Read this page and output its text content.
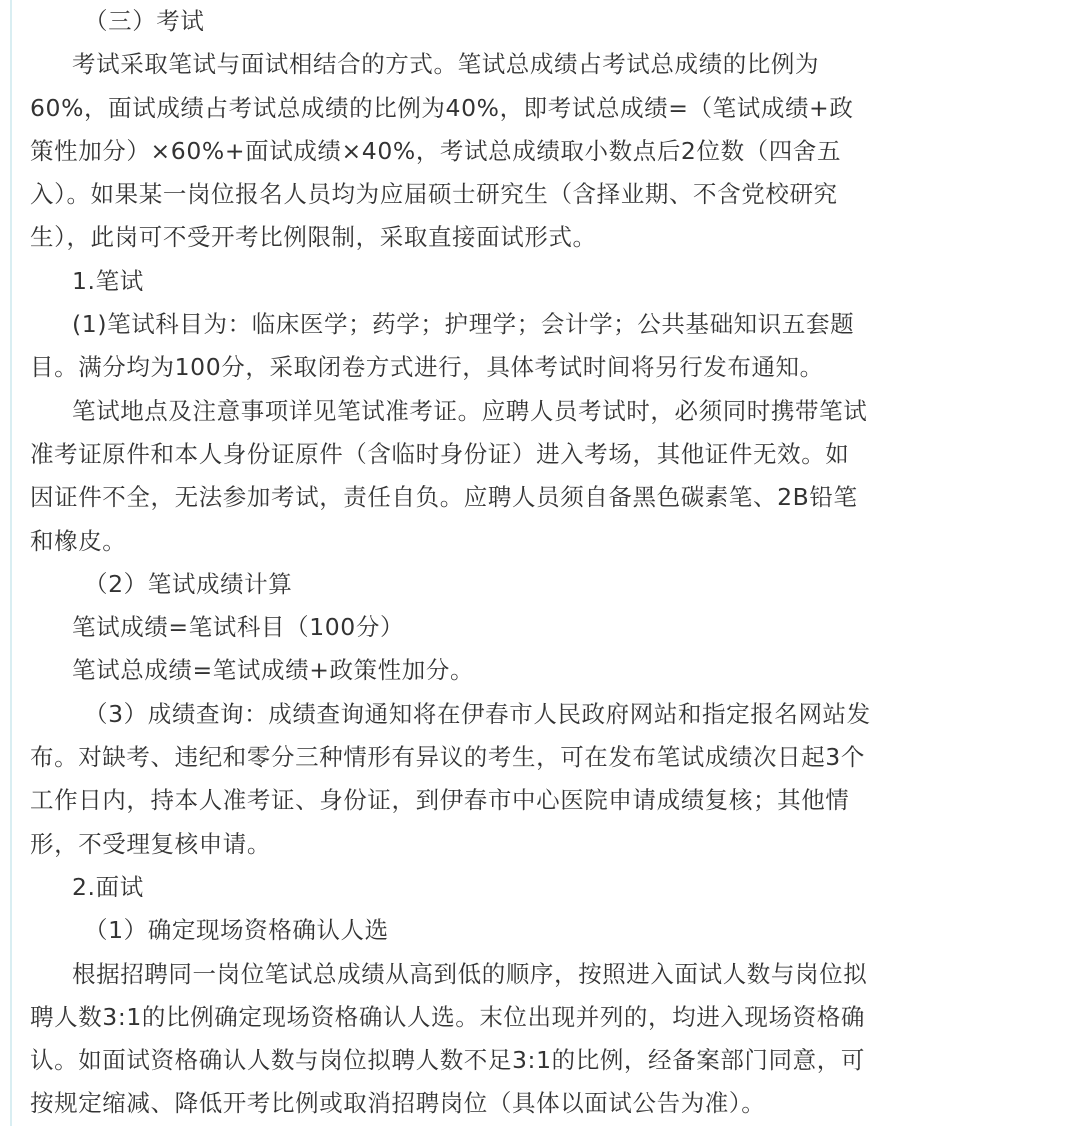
（三）考试

考试采取笔试与面试相结合的方式。笔试总成绩占考试总成绩的比例为

60%，面试成绩占考试总成绩的比例为40%，即考试总成绩=（笔试成绩+政

策性加分）×60%+面试成绩×40%，考试总成绩取小数点后2位数（四舍五

入）。如果某一岗位报名人员均为应届硕士研究生（含择业期、不含党校研究

生），此岗可不受开考比例限制，采取直接面试形式。

1.笔试

(1)笔试科目为：临床医学；药学；护理学；会计学；公共基础知识五套题

目。满分均为100分，采取闭卷方式进行，具体考试时间将另行发布通知。

笔试地点及注意事项详见笔试准考证。应聘人员考试时，必须同时携带笔试

准考证原件和本人身份证原件（含临时身份证）进入考场，其他证件无效。如

因证件不全，无法参加考试，责任自负。应聘人员须自备黑色碳素笔、2B铅笔

和橡皮。

（2）笔试成绩计算

笔试成绩=笔试科目（100分）

笔试总成绩=笔试成绩+政策性加分。

（3）成绩查询：成绩查询通知将在伊春市人民政府网站和指定报名网站发

布。对缺考、违纪和零分三种情形有异议的考生，可在发布笔试成绩次日起3个

工作日内，持本人准考证、身份证，到伊春市中心医院申请成绩复核；其他情

形，不受理复核申请。

2.面试

（1）确定现场资格确认人选

根据招聘同一岗位笔试总成绩从高到低的顺序，按照进入面试人数与岗位拟

聘人数3:1的比例确定现场资格确认人选。末位出现并列的，均进入现场资格确

认。如面试资格确认人数与岗位拟聘人数不足3:1的比例，经备案部门同意，可

按规定缩减、降低开考比例或取消招聘岗位（具体以面试公告为准）。
